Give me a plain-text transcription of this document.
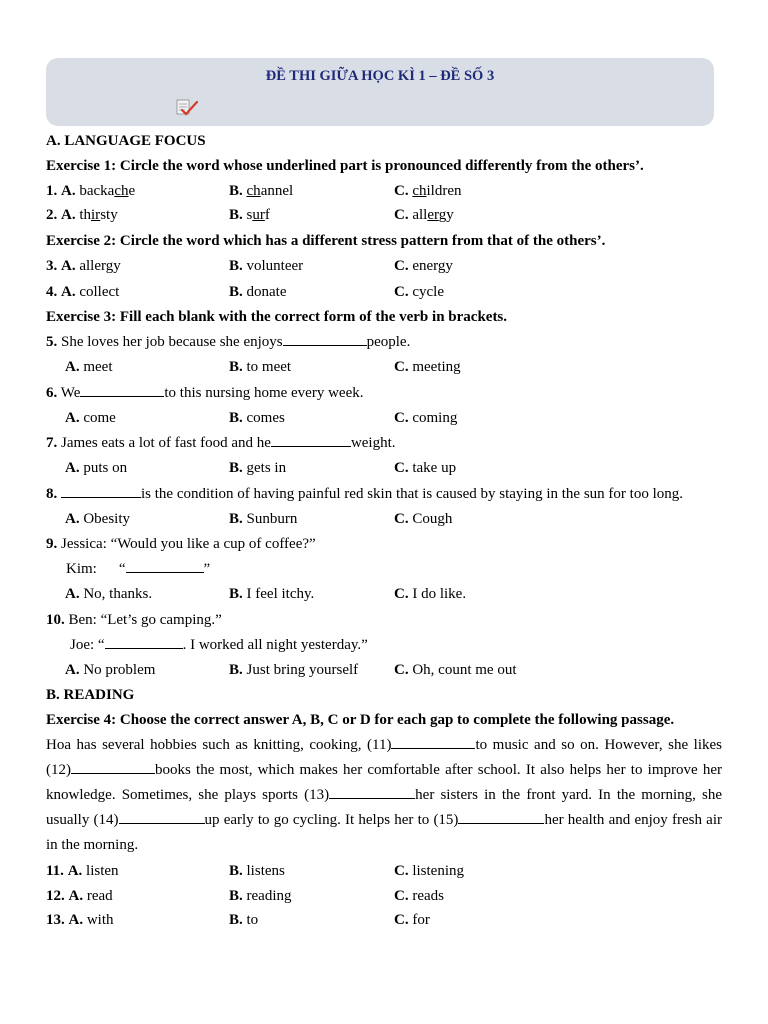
ĐỀ THI GIỮA HỌC KÌ 1 – ĐỀ SỐ 3
A. LANGUAGE FOCUS
Exercise 1: Circle the word whose underlined part is pronounced differently from the others’.
1. A. backache	B. channel	C. children
2. A. thirsty	B. surf	C. allergy
Exercise 2: Circle the word which has a different stress pattern from that of the others’.
3. A. allergy	B. volunteer	C. energy
4. A. collect	B. donate	C. cycle
Exercise 3: Fill each blank with the correct form of the verb in brackets.
5. She loves her job because she enjoys	people.
A. meet	B. to meet	C. meeting
6. We	to this nursing home every week.
A. come	B. comes	C. coming
7. James eats a lot of fast food and he	weight.
A. puts on	B. gets in	C. take up
8.	is the condition of having painful red skin that is caused by staying in the sun for too long.
A. Obesity	B. Sunburn	C. Cough
9. Jessica: “Would you like a cup of coffee?”
Kim: “	”
A. No, thanks.	B. I feel itchy.	C. I do like.
10. Ben: “Let’s go camping.”
Joe: “	. I worked all night yesterday.”
A. No problem	B. Just bring yourself C. Oh, count me out
B. READING
Exercise 4: Choose the correct answer A, B, C or D for each gap to complete the following passage.
Hoa has several hobbies such as knitting, cooking, (11)	to music and so on. However, she likes (12)	books the most, which makes her comfortable after school. It also helps her to improve her knowledge. Sometimes, she plays sports (13)	her sisters in the front yard. In the morning, she usually (14)	up early to go cycling. It helps her to (15)	her health and enjoy fresh air in the morning.
11. A. listen	B. listens	C. listening
12. A. read	B. reading	C. reads
13. A. with	B. to	C. for
